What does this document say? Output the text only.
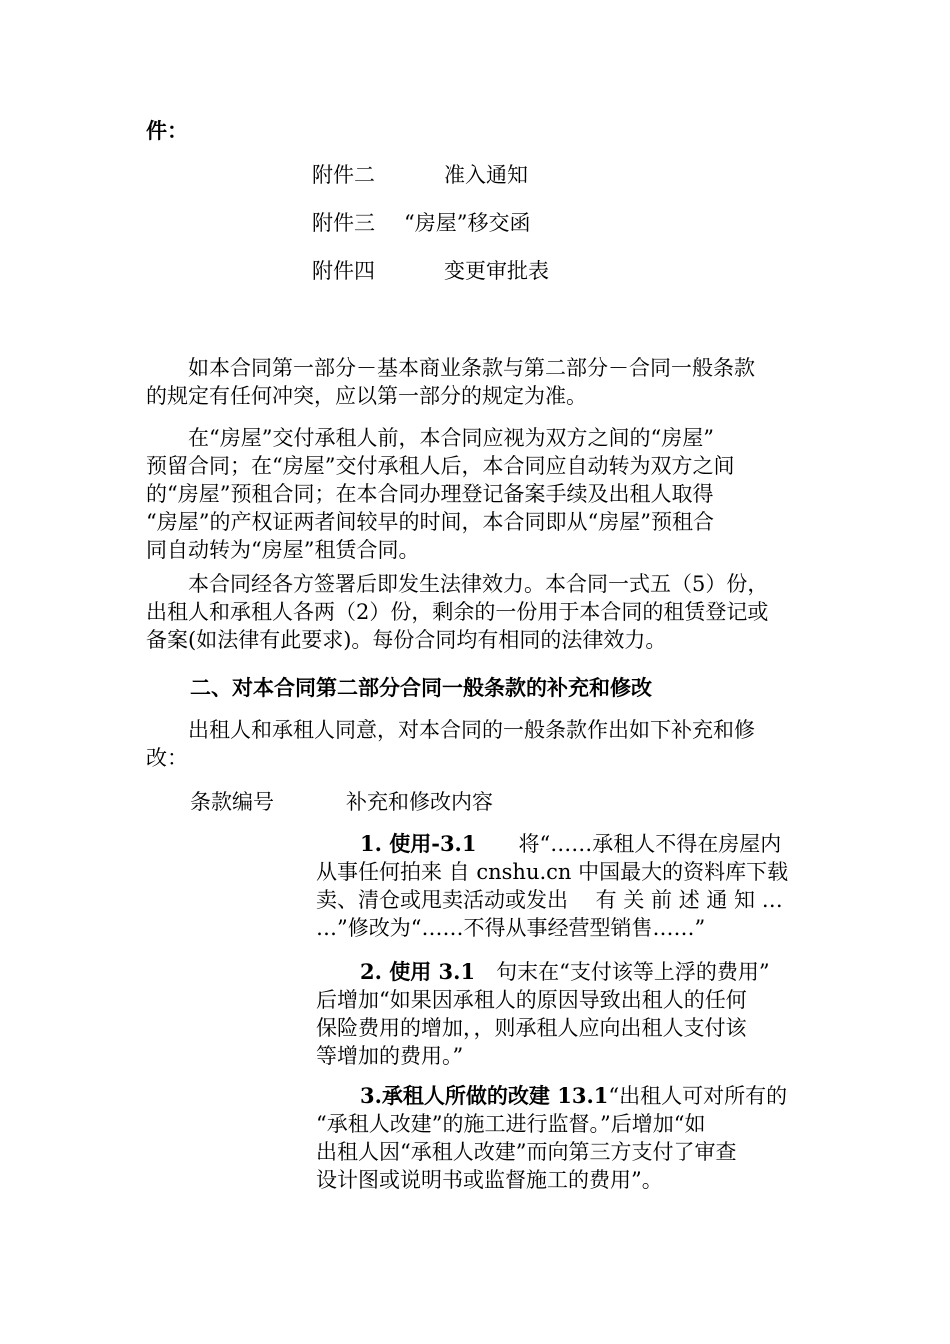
件：
附件二	准入通知
附件三 “房屋”移交函
附件四	变更审批表
　　如本合同第一部分－基本商业条款与第二部分－合同一般条款
的规定有任何冲突，应以第一部分的规定为准。
　　在“房屋”交付承租人前，本合同应视为双方之间的“房屋”
预留合同；在“房屋”交付承租人后，本合同应自动转为双方之间
的“房屋”预租合同；在本合同办理登记备案手续及出租人取得
“房屋”的产权证两者间较早的时间，本合同即从“房屋”预租合
同自动转为“房屋”租赁合同。
　　本合同经各方签署后即发生法律效力。本合同一式五（5）份，
出租人和承租人各两（2）份，剩余的一份用于本合同的租赁登记或
备案(如法律有此要求)。每份合同均有相同的法律效力。
二、对本合同第二部分合同一般条款的补充和修改
　　出租人和承租人同意，对本合同的一般条款作出如下补充和修
改：
条款编号	补充和修改内容
1. 使用-3.1　　将“……承租人不得在房屋内
从事任何拍来 自 cnshu.cn 中国最大的资料库下载
卖、清仓或甩卖活动或发出　 有 关 前 述 通 知 …
…”修改为“……不得从事经营型销售……”
2. 使用 3.1　句末在“支付该等上浮的费用”
后增加“如果因承租人的原因导致出租人的任何
保险费用的增加，，则承租人应向出租人支付该
等增加的费用。”
3.承租人所做的改建 13.1“出租人可对所有的
“承租人改建”的施工进行监督。”后增加“如
出租人因“承租人改建”而向第三方支付了审查
设计图或说明书或监督施工的费用”。
